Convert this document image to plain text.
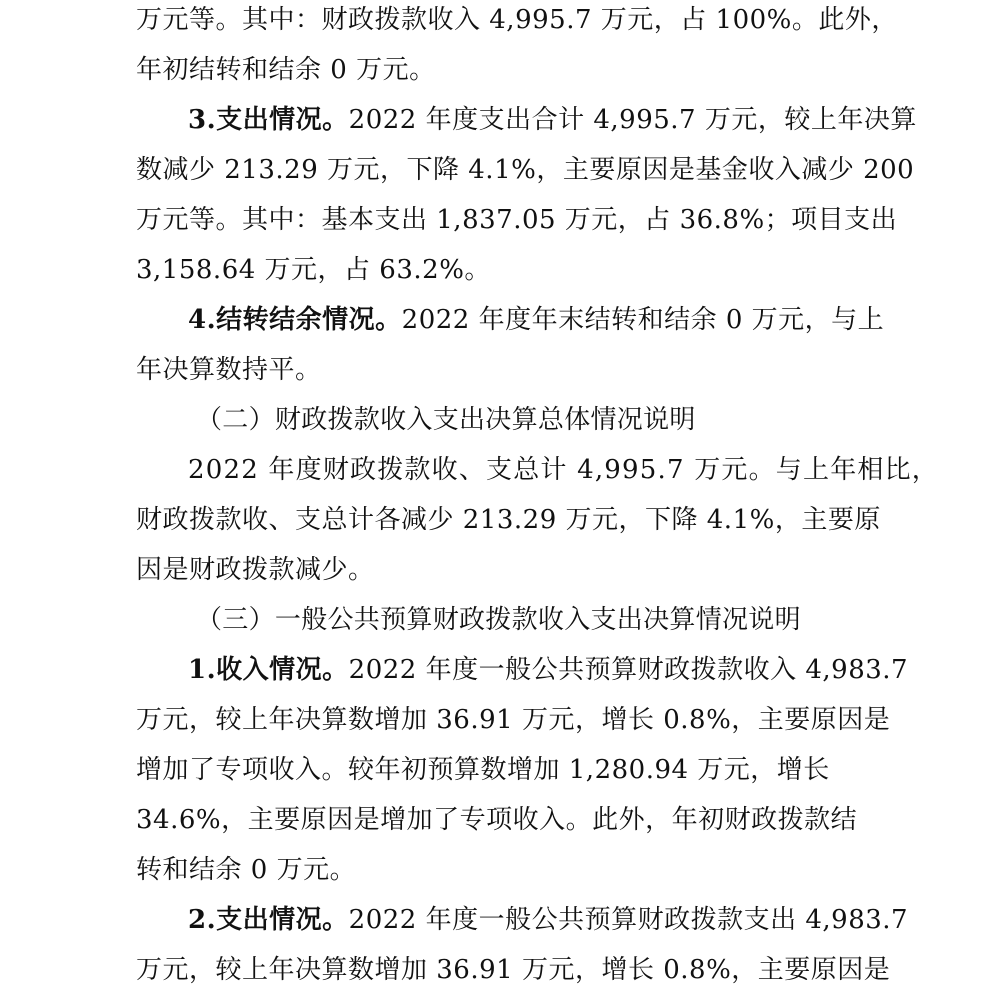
万元等。其中：财政拨款收入 4,995.7 万元，占 100%。此外，
年初结转和结余 0 万元。
3.支出情况。2022 年度支出合计 4,995.7 万元，较上年决算
数减少 213.29 万元，下降 4.1%，主要原因是基金收入减少 200
万元等。其中：基本支出 1,837.05 万元，占 36.8%；项目支出
3,158.64 万元，占 63.2%。
4.结转结余情况。2022 年度年末结转和结余 0 万元，与上
年决算数持平。
（二）财政拨款收入支出决算总体情况说明
2022 年度财政拨款收、支总计 4,995.7 万元。与上年相比，
财政拨款收、支总计各减少 213.29 万元，下降 4.1%，主要原
因是财政拨款减少。
（三）一般公共预算财政拨款收入支出决算情况说明
1.收入情况。2022 年度一般公共预算财政拨款收入 4,983.7
万元，较上年决算数增加 36.91 万元，增长 0.8%，主要原因是
增加了专项收入。较年初预算数增加 1,280.94 万元，增长
34.6%，主要原因是增加了专项收入。此外，年初财政拨款结
转和结余 0 万元。
2.支出情况。2022 年度一般公共预算财政拨款支出 4,983.7
万元，较上年决算数增加 36.91 万元，增长 0.8%，主要原因是
